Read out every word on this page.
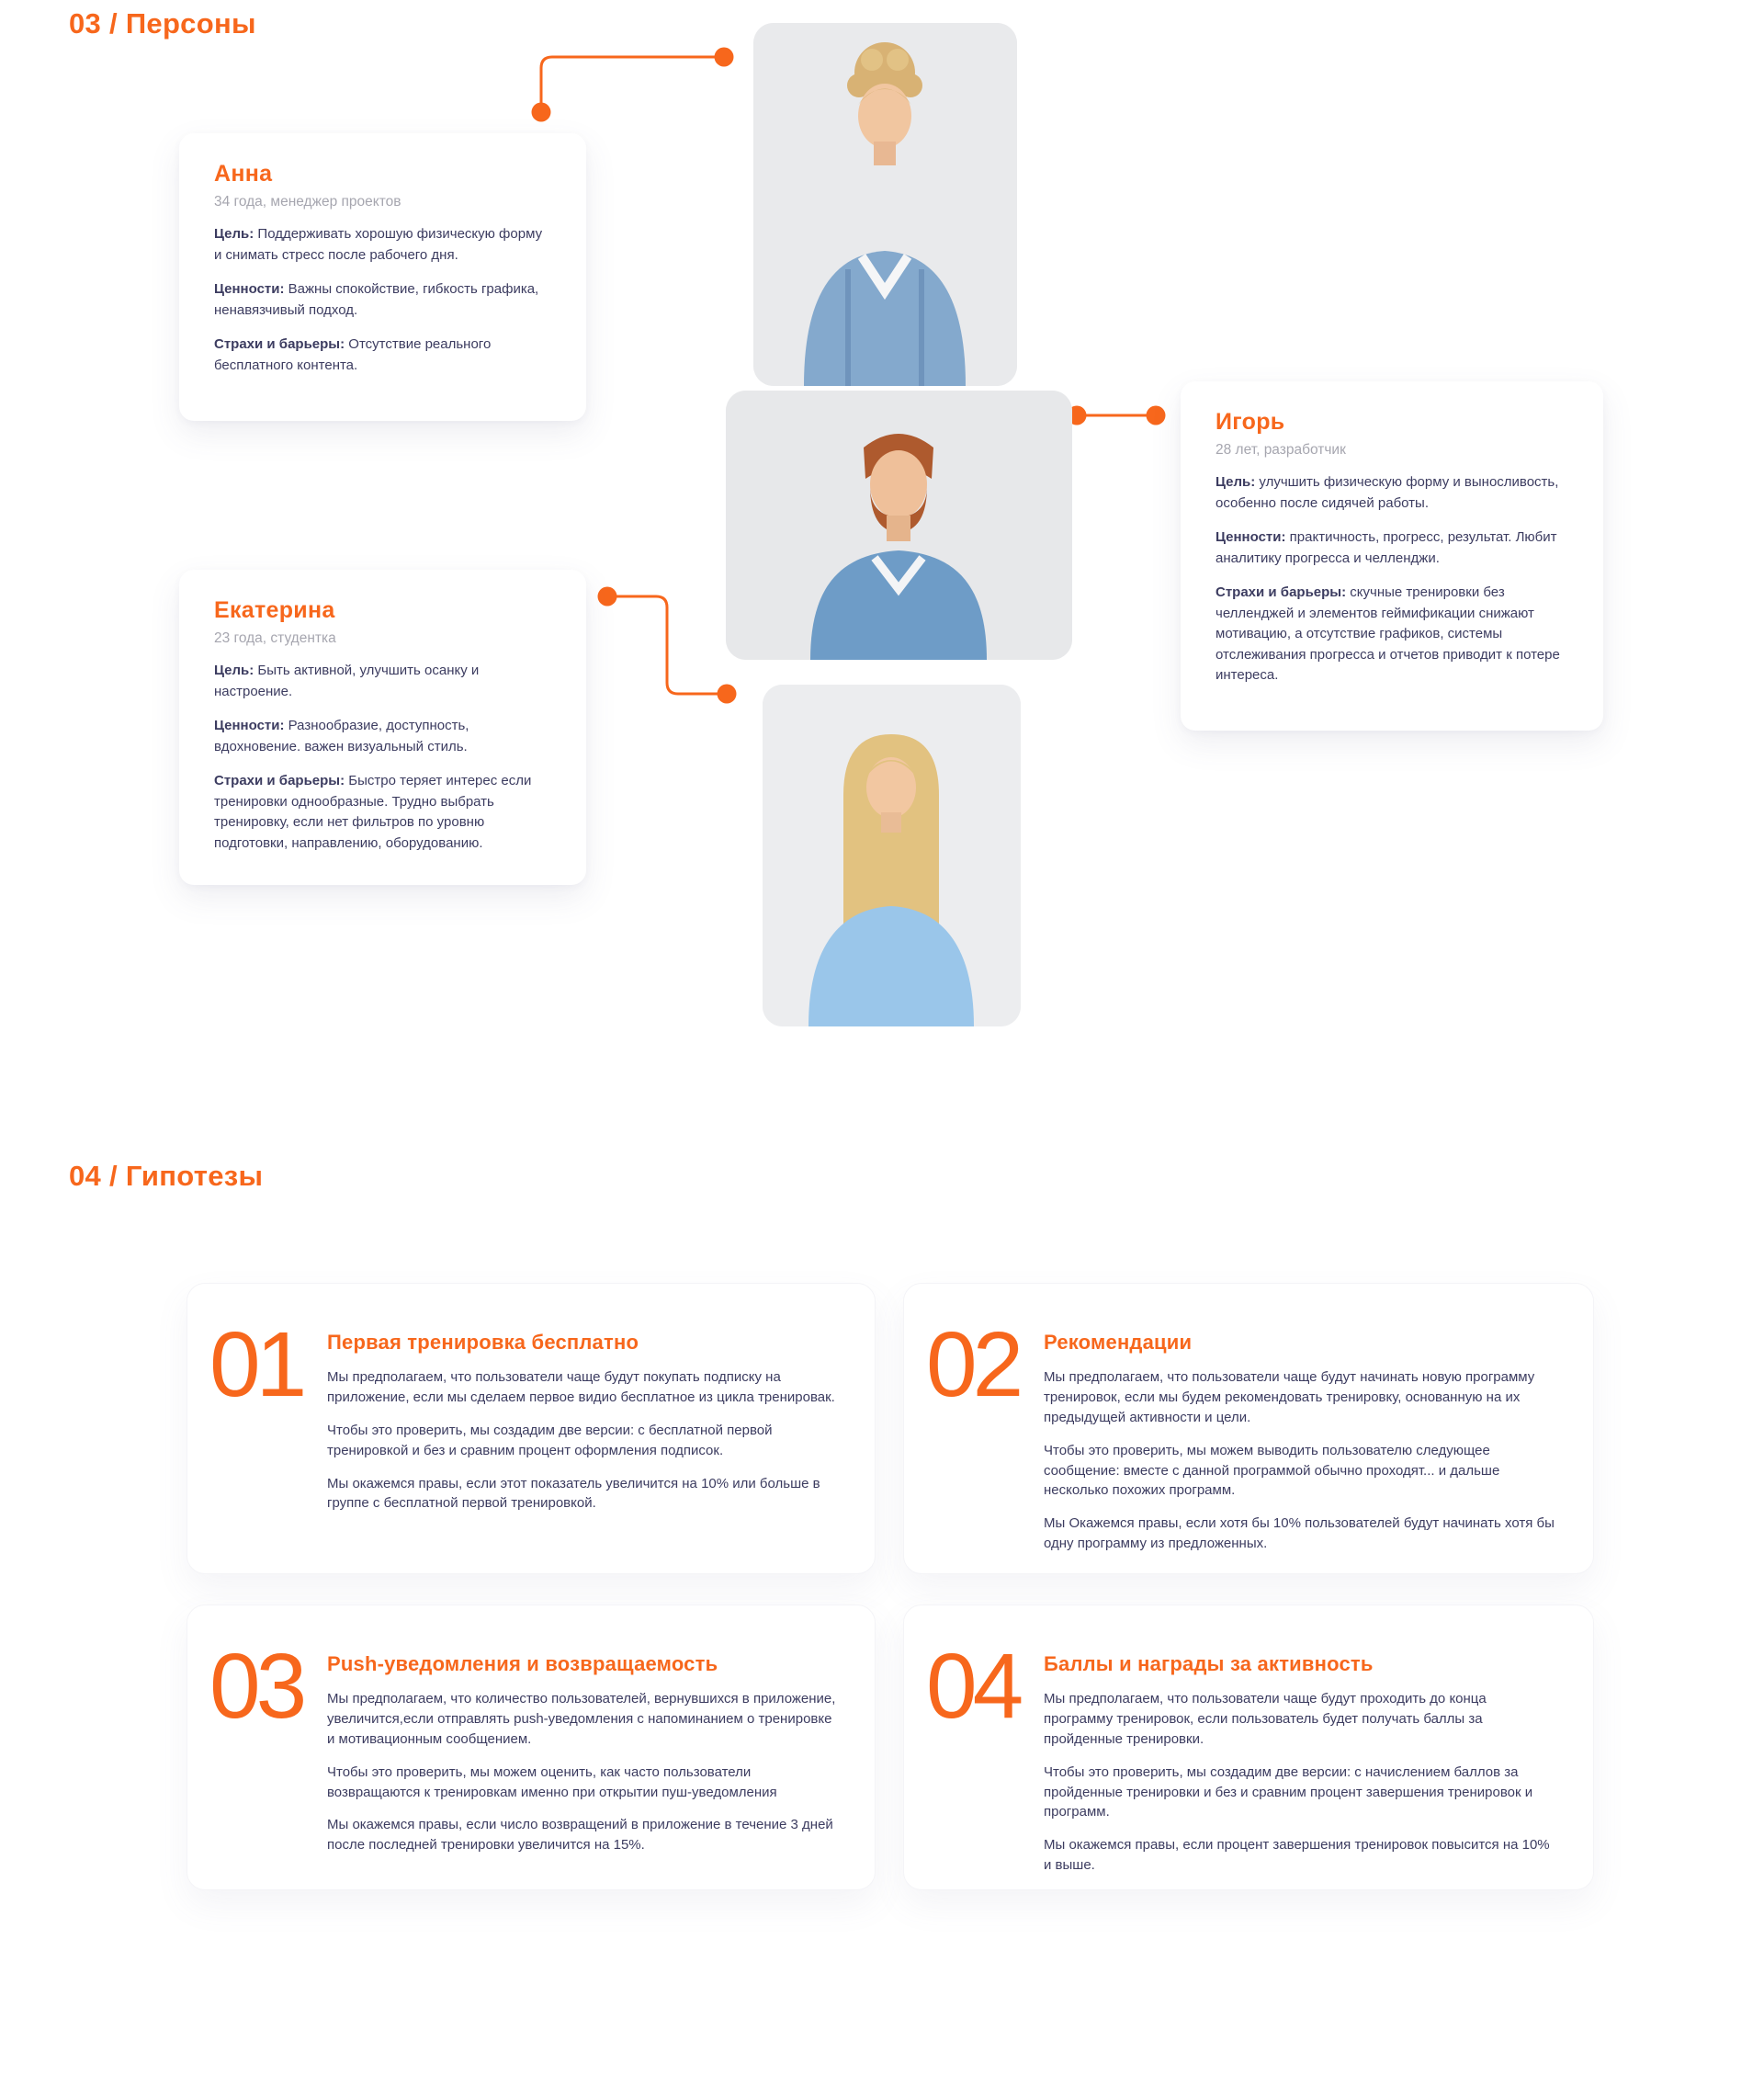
03 / Персоны
Анна
34 года, менеджер проектов

Цель: Поддерживать хорошую физическую форму и снимать стресс после рабочего дня.

Ценности: Важны спокойствие, гибкость графика, ненавязчивый подход.

Страхи и барьеры: Отсутствие реального бесплатного контента.

Игорь
28 лет, разработчик

Цель: улучшить физическую форму и выносливость, особенно после сидячей работы.

Ценности: практичность, прогресс, результат. Любит аналитику прогресса и челленджи.

Страхи и барьеры: скучные тренировки без челленджей и элементов геймификации снижают мотивацию, а отсутствие графиков, системы отслеживания прогресса и отчетов приводит к потере интереса.

Екатерина
23 года, студентка

Цель: Быть активной, улучшить осанку и настроение.

Ценности: Разнообразие, доступность, вдохновение. важен визуальный стиль.

Страхи и барьеры: Быстро теряет интерес если тренировки однообразные. Трудно выбрать тренировку, если нет фильтров по уровню подготовки, направлению, оборудованию.

04 / Гипотезы
01	Первая тренировка бесплатно

Мы предполагаем, что пользователи чаще будут покупать подписку на приложение, если мы сделаем первое видио бесплатное из цикла тренировак.

Чтобы это проверить, мы создадим две версии: с бесплатной первой тренировкой и без и сравним процент оформления подписок.

Мы окажемся правы, если этот показатель увеличится на 10% или больше в группе с бесплатной первой тренировкой.

02	Рекомендации

Мы предполагаем, что пользователи чаще будут начинать новую программу тренировок, если мы будем рекомендовать тренировку, основанную на их предыдущей активности и цели.

Чтобы это проверить, мы можем выводить пользователю следующее сообщение: вместе с данной программой обычно проходят... и дальше несколько похожих программ.

Мы Окажемся правы, если хотя бы 10% пользователей будут начинать хотя бы одну программу из предложенных.

03	Push-уведомления и возвращаемость

Мы предполагаем, что количество пользователей, вернувшихся в приложение, увеличится,если отправлять push-уведомления с напоминанием о тренировке и мотивационным сообщением.

Чтобы это проверить, мы можем оценить, как часто пользователи возвращаются к тренировкам именно при открытии пуш-уведомления

Мы окажемся правы, если число возвращений в приложение в течение 3 дней после последней тренировки увеличится на 15%.

04	Баллы и награды за активность

Мы предполагаем, что пользователи чаще будут проходить до конца программу тренировок, если пользователь будет получать баллы за пройденные тренировки.

Чтобы это проверить, мы создадим две версии: с начислением баллов за пройденные тренировки и без и сравним процент завершения тренировок и программ.

Мы окажемся правы, если процент завершения тренировок повысится на 10% и выше.
